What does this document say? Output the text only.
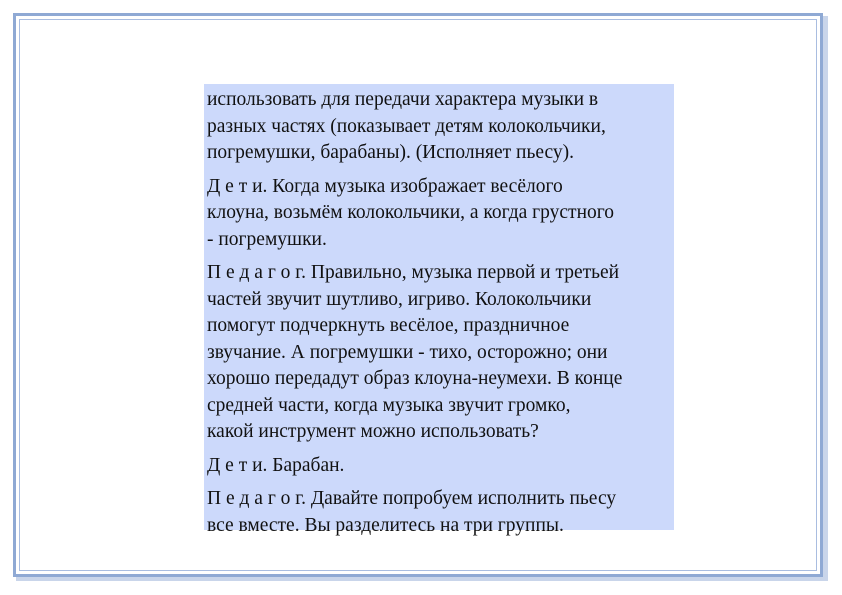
использовать для передачи характера музыки в
разных частях (показывает детям колокольчики,
погремушки, барабаны). (Исполняет пьесу).

Д е т и. Когда музыка изображает весёлого
клоуна, возьмём колокольчики, а когда грустного
- погремушки.

П е д а г о г. Правильно, музыка первой и третьей
частей звучит шутливо, игриво. Колокольчики
помогут подчеркнуть весёлое, праздничное
звучание. А погремушки - тихо, осторожно; они
хорошо передадут образ клоуна-неумехи. В конце
средней части, когда музыка звучит громко,
какой инструмент можно использовать?

Д е т и. Барабан.

П е д а г о г. Давайте попробуем исполнить пьесу
все вместе. Вы разделитесь на три группы.
